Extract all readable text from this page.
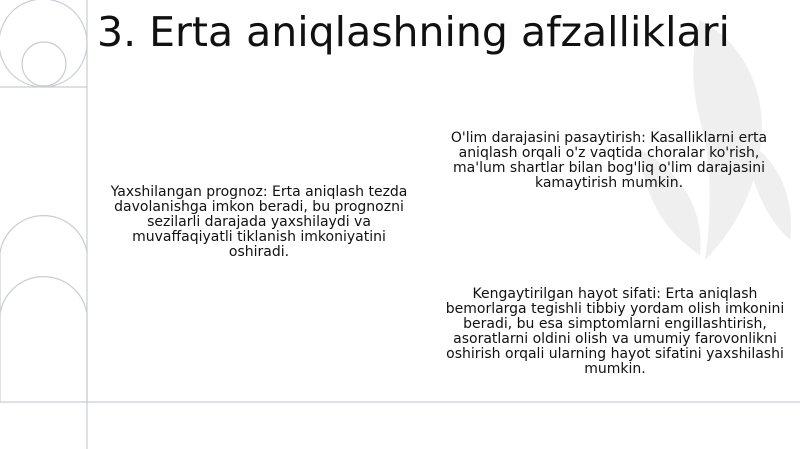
3. Erta aniqlashning afzalliklari

Yaxshilangan prognoz: Erta aniqlash tezda davolanishga imkon beradi, bu prognozni sezilarli darajada yaxshilaydi va muvaffaqiyatli tiklanish imkoniyatini oshiradi.

O'lim darajasini pasaytirish: Kasalliklarni erta aniqlash orqali o'z vaqtida choralar ko'rish, ma'lum shartlar bilan bog'liq o'lim darajasini kamaytirish mumkin.

Kengaytirilgan hayot sifati: Erta aniqlash bemorlarga tegishli tibbiy yordam olish imkonini beradi, bu esa simptomlarni engillashtirish, asoratlarni oldini olish va umumiy farovonlikni oshirish orqali ularning hayot sifatini yaxshilashi mumkin.
